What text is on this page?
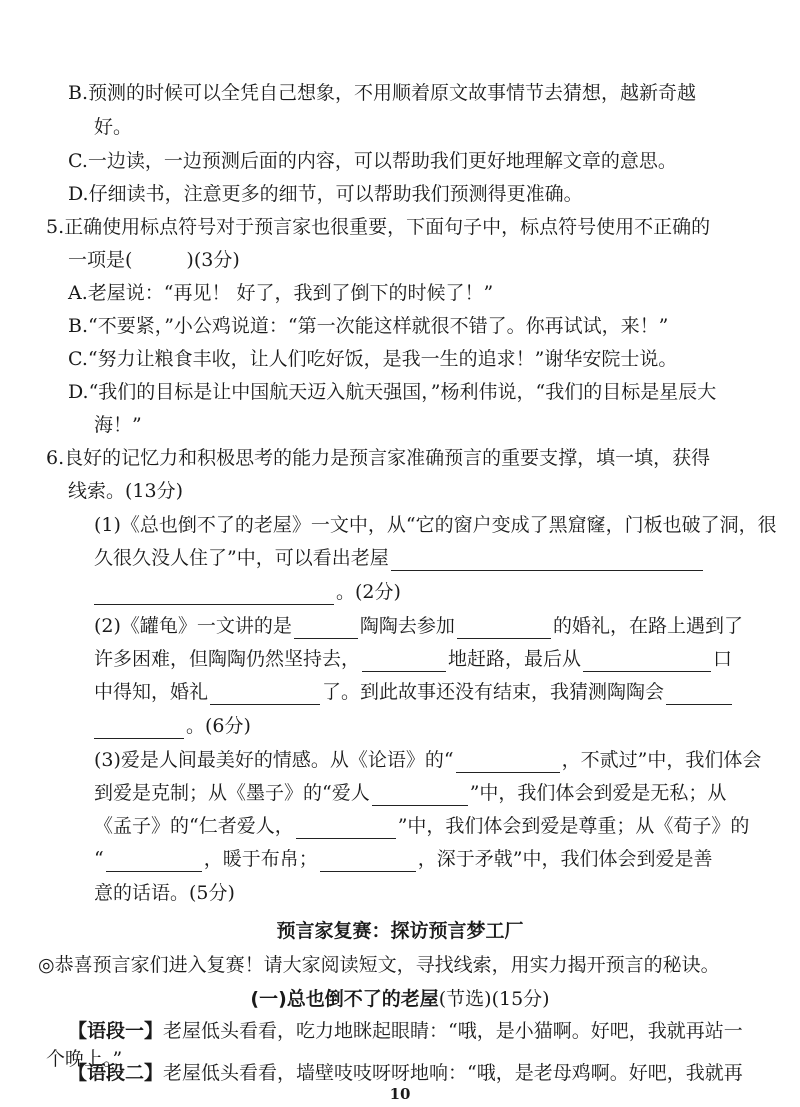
B.预测的时候可以全凭自己想象，不用顺着原文故事情节去猜想，越新奇越
好。
C.一边读，一边预测后面的内容，可以帮助我们更好地理解文章的意思。
D.仔细读书，注意更多的细节，可以帮助我们预测得更准确。
5.正确使用标点符号对于预言家也很重要，下面句子中，标点符号使用不正确的
一项是(	)(3分)
A.老屋说：“再见！ 好了，我到了倒下的时候了！”
B.“不要紧，”小公鸡说道：“第一次能这样就很不错了。你再试试，来！”
C.“努力让粮食丰收，让人们吃好饭，是我一生的追求！”谢华安院士说。
D.“我们的目标是让中国航天迈入航天强国，”杨利伟说，“我们的目标是星辰大
海！”
6.良好的记忆力和积极思考的能力是预言家准确预言的重要支撑，填一填，获得
线索。(13分)
(1)《总也倒不了的老屋》一文中，从“它的窗户变成了黑窟窿，门板也破了洞，很
久很久没人住了”中，可以看出老屋
。(2分)
(2)《罐龟》一文讲的是	陶陶去参加	的婚礼，在路上遇到了
许多困难，但陶陶仍然坚持去，	地赶路，最后从	口
中得知，婚礼	了。到此故事还没有结束，我猜测陶陶会
。(6分)
(3)爱是人间最美好的情感。从《论语》的“	，不贰过”中，我们体会
到爱是克制；从《墨子》的“爱人	”中，我们体会到爱是无私；从
《孟子》的“仁者爱人，	”中，我们体会到爱是尊重；从《荀子》的
“	，暖于布帛；	，深于矛戟”中，我们体会到爱是善
意的话语。(5分)
预言家复赛：探访预言梦工厂
◎恭喜预言家们进入复赛！请大家阅读短文，寻找线索，用实力揭开预言的秘诀。
(一)总也倒不了的老屋(节选)(15分)
【语段一】老屋低头看看，吃力地眯起眼睛：“哦，是小猫啊。好吧，我就再站一
个晚上。”
【语段二】老屋低头看看，墙壁吱吱呀呀地响：“哦，是老母鸡啊。好吧，我就再
10
